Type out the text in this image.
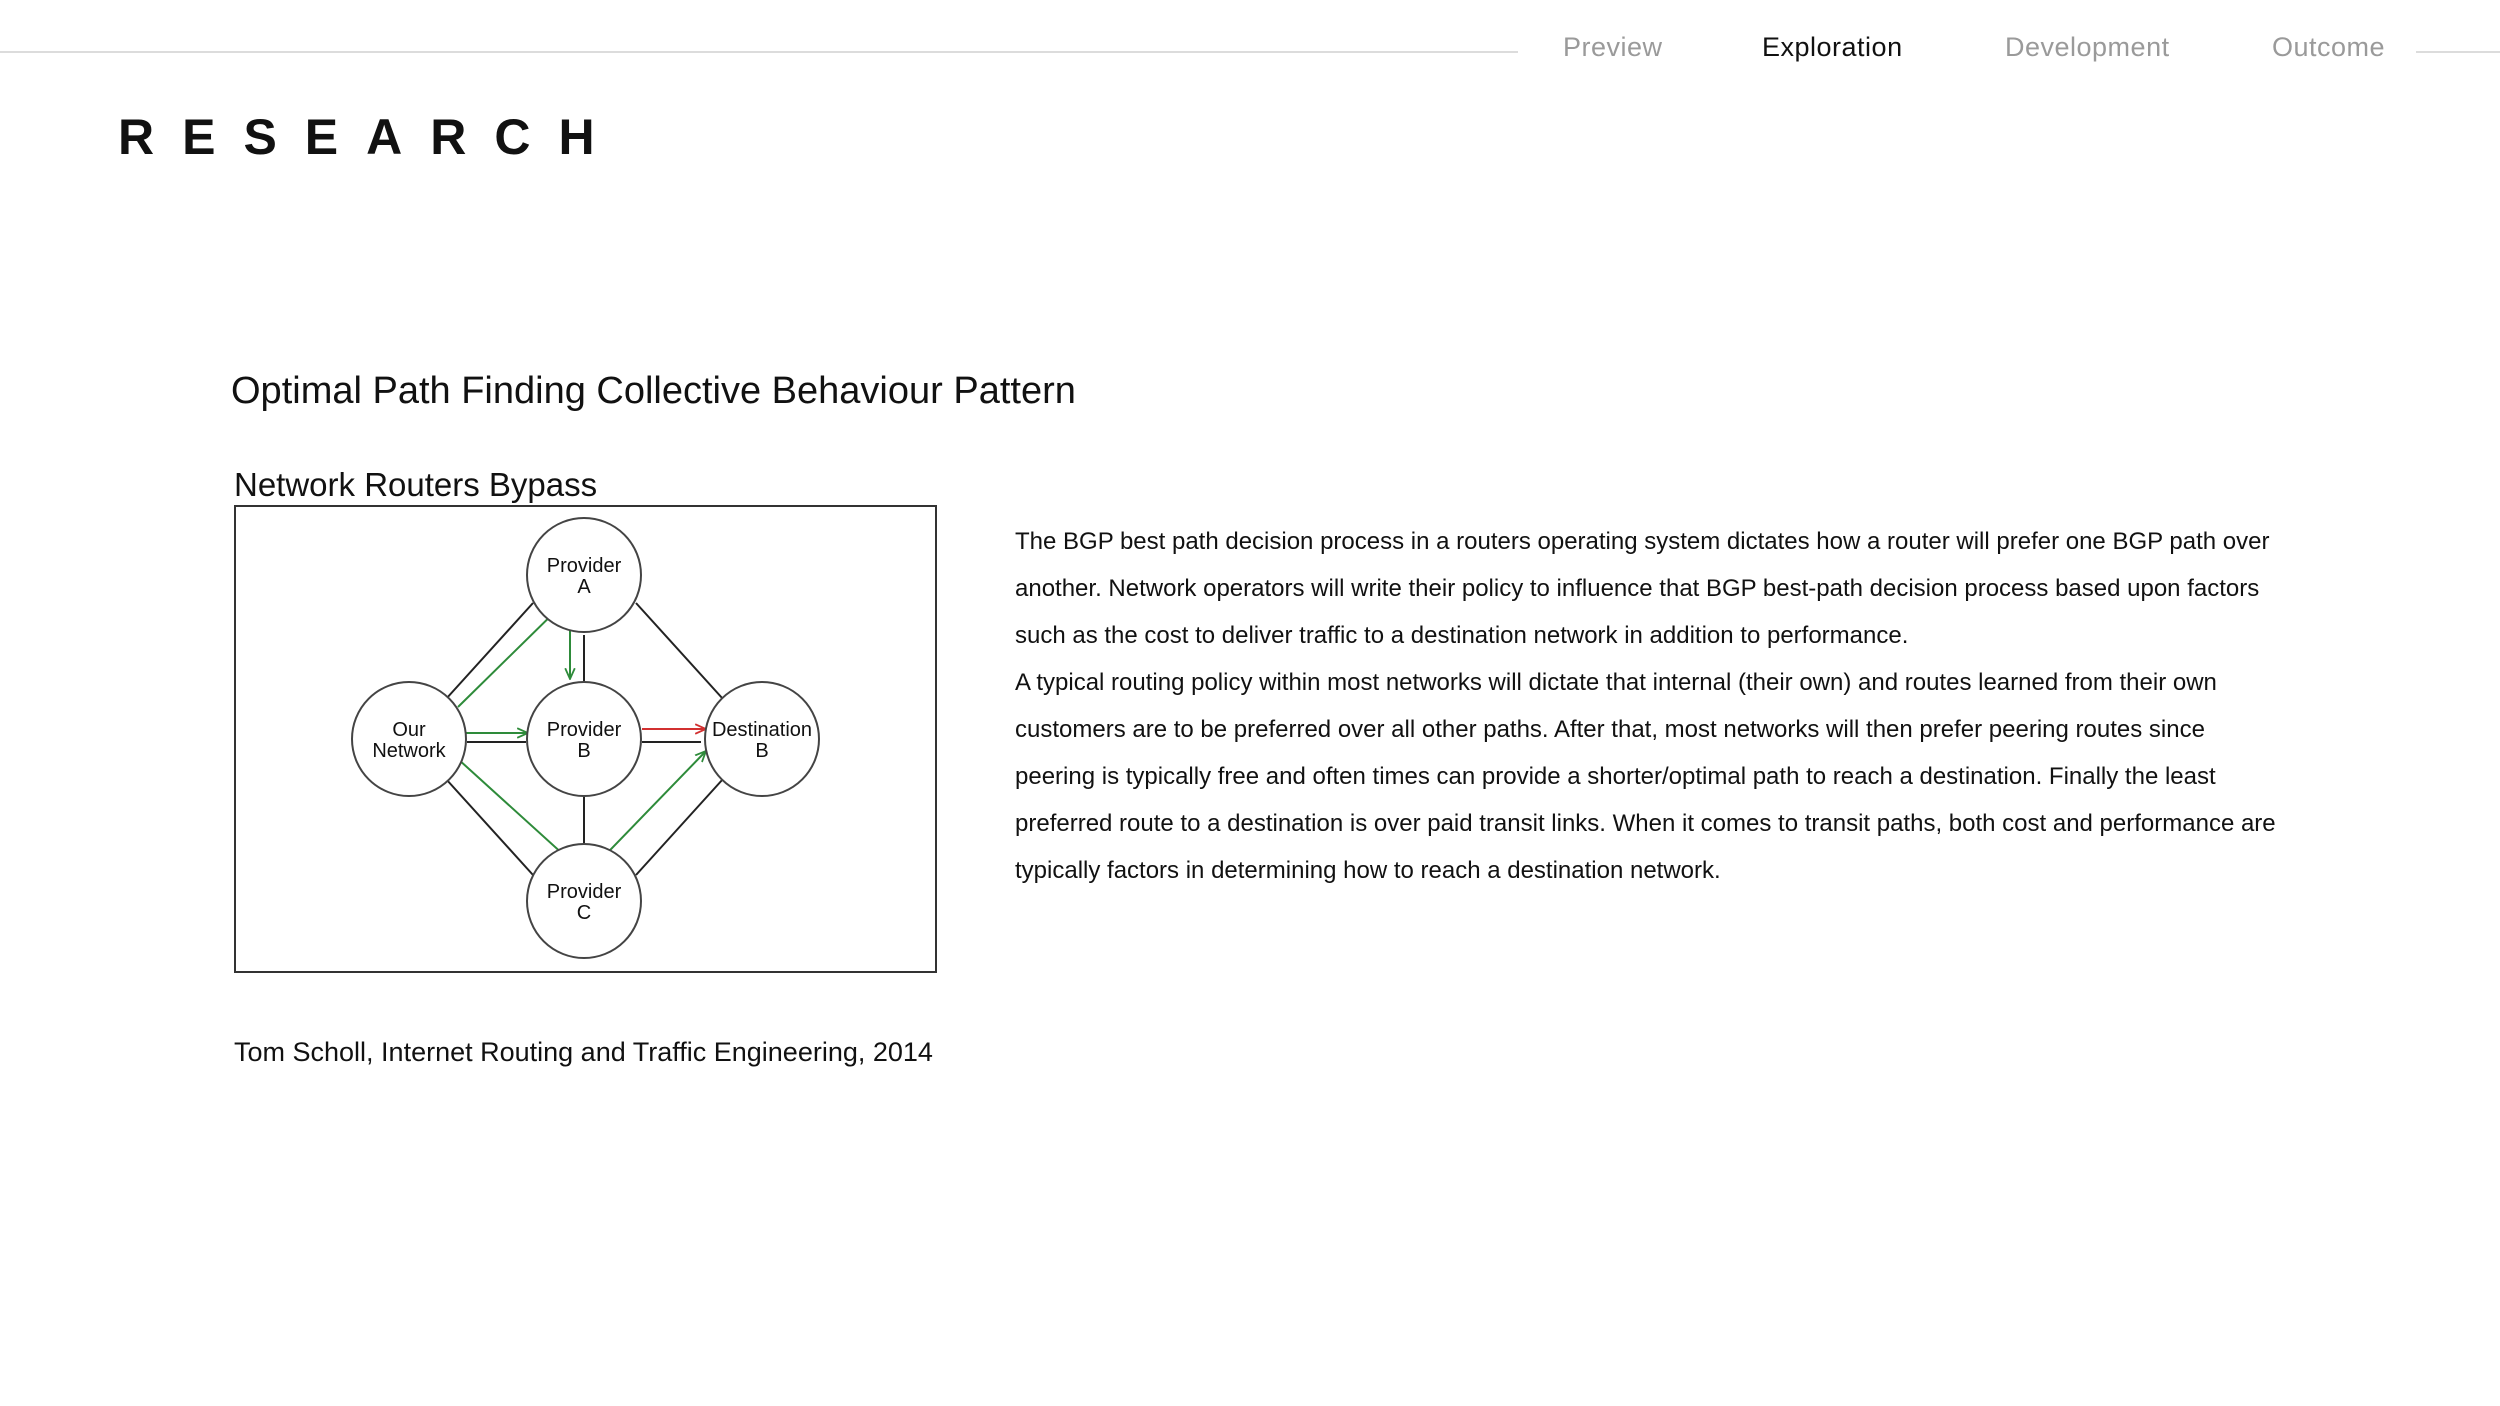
Preview	Exploration	Development	Outcome
RESEARCH
Optimal Path Finding Collective Behaviour Pattern
Network Routers Bypass
Provider
A
Our
Network
Provider
B
Destination
B
Provider
C
Tom Scholl, Internet Routing and Traffic Engineering, 2014

The BGP best path decision process in a routers operating system dictates how a router will prefer one BGP path over another. Network operators will write their policy to influence that BGP best-path decision process based upon factors such as the cost to deliver traffic to a destination network in addition to performance.

A typical routing policy within most networks will dictate that internal (their own) and routes learned from their own customers are to be preferred over all other paths. After that, most networks will then prefer peering routes since peering is typically free and often times can provide a shorter/optimal path to reach a destination. Finally the least preferred route to a destination is over paid transit links. When it comes to transit paths, both cost and performance are typically factors in determining how to reach a destination network.
